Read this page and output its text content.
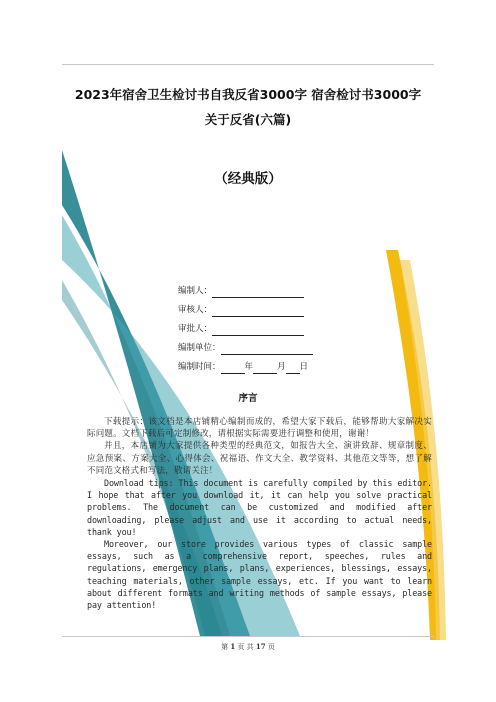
2023年宿舍卫生检讨书自我反省3000字 宿舍检讨书3000字
关于反省(六篇)
（经典版）
编制人：
审核人：
审批人：
编制单位：
编制时间：	年	月 日
序言

下载提示：该文档是本店铺精心编制而成的，希望大家下载后，能够帮助大家解决实际问题。文档下载后可定制修改，请根据实际需要进行调整和使用，谢谢！

并且，本店铺为大家提供各种类型的经典范文，如报告大全、演讲致辞、规章制度、应急预案、方案大全、心得体会、祝福语、作文大全、教学资料、其他范文等等，想了解不同范文格式和写法，敬请关注！

Download tips: This document is carefully compiled by this editor. I hope that after you download it, it can help you solve practical problems. The document can be customized and modified after downloading, please adjust and use it according to actual needs, thank you!

Moreover, our store provides various types of classic sample essays, such as a comprehensive report, speeches, rules and regulations, emergency plans, plans, experiences, blessings, essays, teaching materials, other sample essays, etc. If you want to learn about different formats and writing methods of sample essays, please pay attention!

第 1 页 共 17 页
